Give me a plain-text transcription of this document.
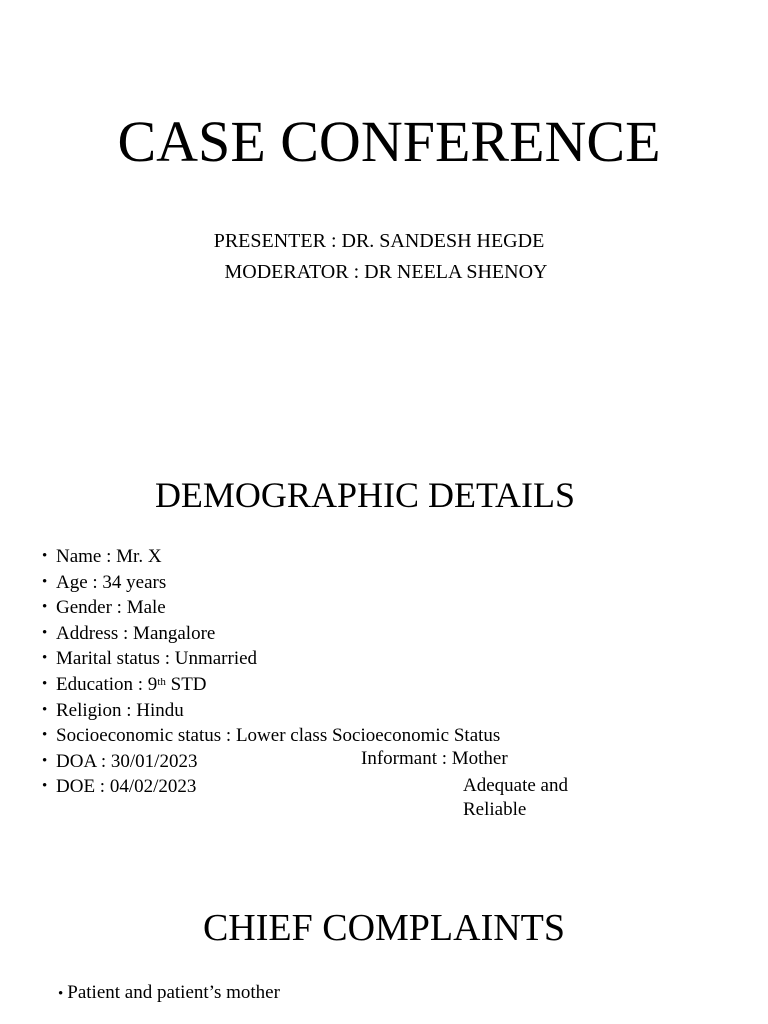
CASE CONFERENCE
PRESENTER : DR. SANDESH HEGDE
MODERATOR : DR NEELA SHENOY
DEMOGRAPHIC DETAILS
• Name : Mr. X
• Age : 34 years
• Gender : Male
• Address : Mangalore
• Marital status : Unmarried
• Education : 9th STD
• Religion : Hindu
• Socioeconomic status : Lower class Socioeconomic Status
• DOA : 30/01/2023
• DOE : 04/02/2023
Informant : Mother
Adequate and Reliable
CHIEF COMPLAINTS
• Patient and patient’s mother
